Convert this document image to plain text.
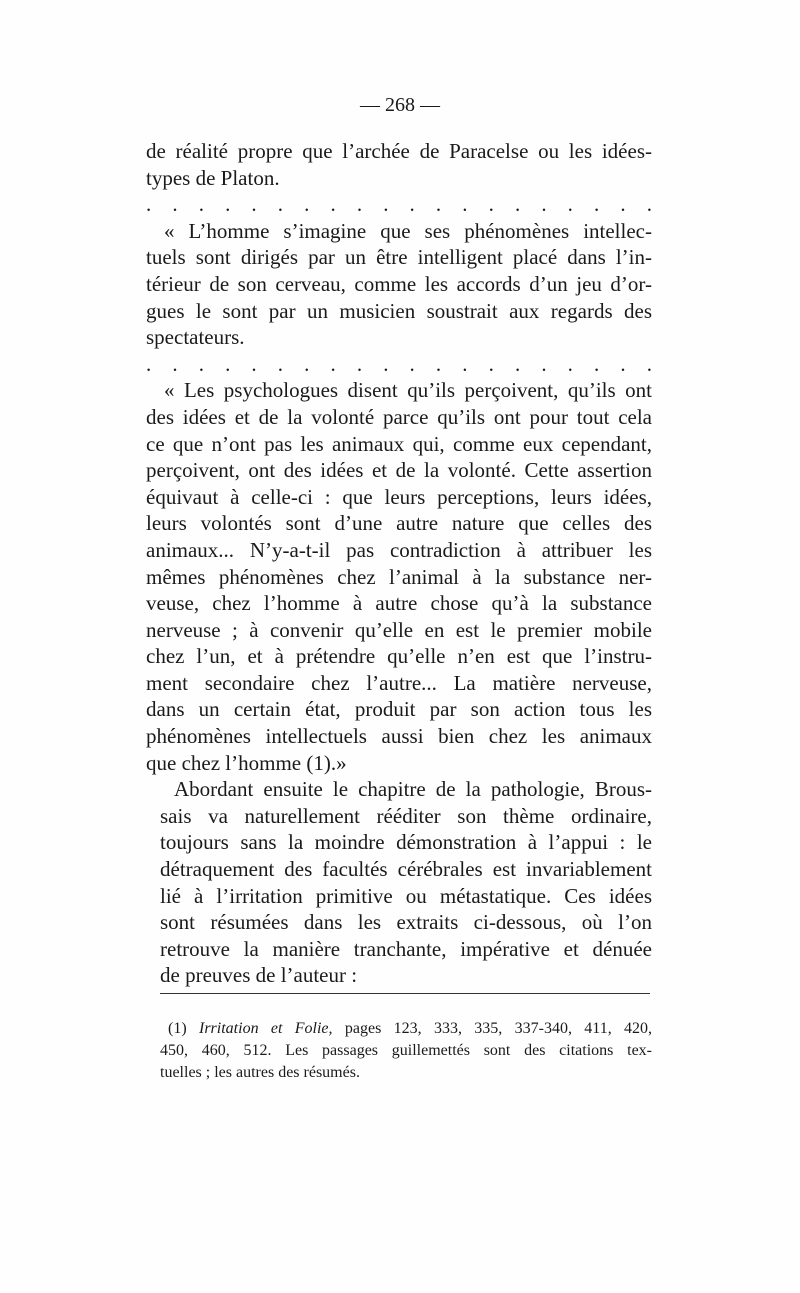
— 268 —
de réalité propre que l’archée de Paracelse ou les idées-
types de Platon.
. . . . . . . . . . . . . . . . . . . .
« L’homme s’imagine que ses phénomènes intellec-
tuels sont dirigés par un être intelligent placé dans l’in-
térieur de son cerveau, comme les accords d’un jeu d’or-
gues le sont par un musicien soustrait aux regards des
spectateurs.
. . . . . . . . . . . . . . . . . . . .
« Les psychologues disent qu’ils perçoivent, qu’ils ont
des idées et de la volonté parce qu’ils ont pour tout cela
ce que n’ont pas les animaux qui, comme eux cependant,
perçoivent, ont des idées et de la volonté. Cette assertion
équivaut à celle-ci : que leurs perceptions, leurs idées,
leurs volontés sont d’une autre nature que celles des
animaux... N’y-a-t-il pas contradiction à attribuer les
mêmes phénomènes chez l’animal à la substance ner-
veuse, chez l’homme à autre chose qu’à la substance
nerveuse ; à convenir qu’elle en est le premier mobile
chez l’un, et à prétendre qu’elle n’en est que l’instru-
ment secondaire chez l’autre... La matière nerveuse,
dans un certain état, produit par son action tous les
phénomènes intellectuels aussi bien chez les animaux
que chez l’homme (1).»
Abordant ensuite le chapitre de la pathologie, Brous-
sais va naturellement rééditer son thème ordinaire,
toujours sans la moindre démonstration à l’appui : le
détraquement des facultés cérébrales est invariablement
lié à l’irritation primitive ou métastatique. Ces idées
sont résumées dans les extraits ci-dessous, où l’on
retrouve la manière tranchante, impérative et dénuée
de preuves de l’auteur :
(1) Irritation et Folie, pages 123, 333, 335, 337-340, 411, 420,
450, 460, 512. Les passages guillemettés sont des citations tex-
tuelles ; les autres des résumés.
